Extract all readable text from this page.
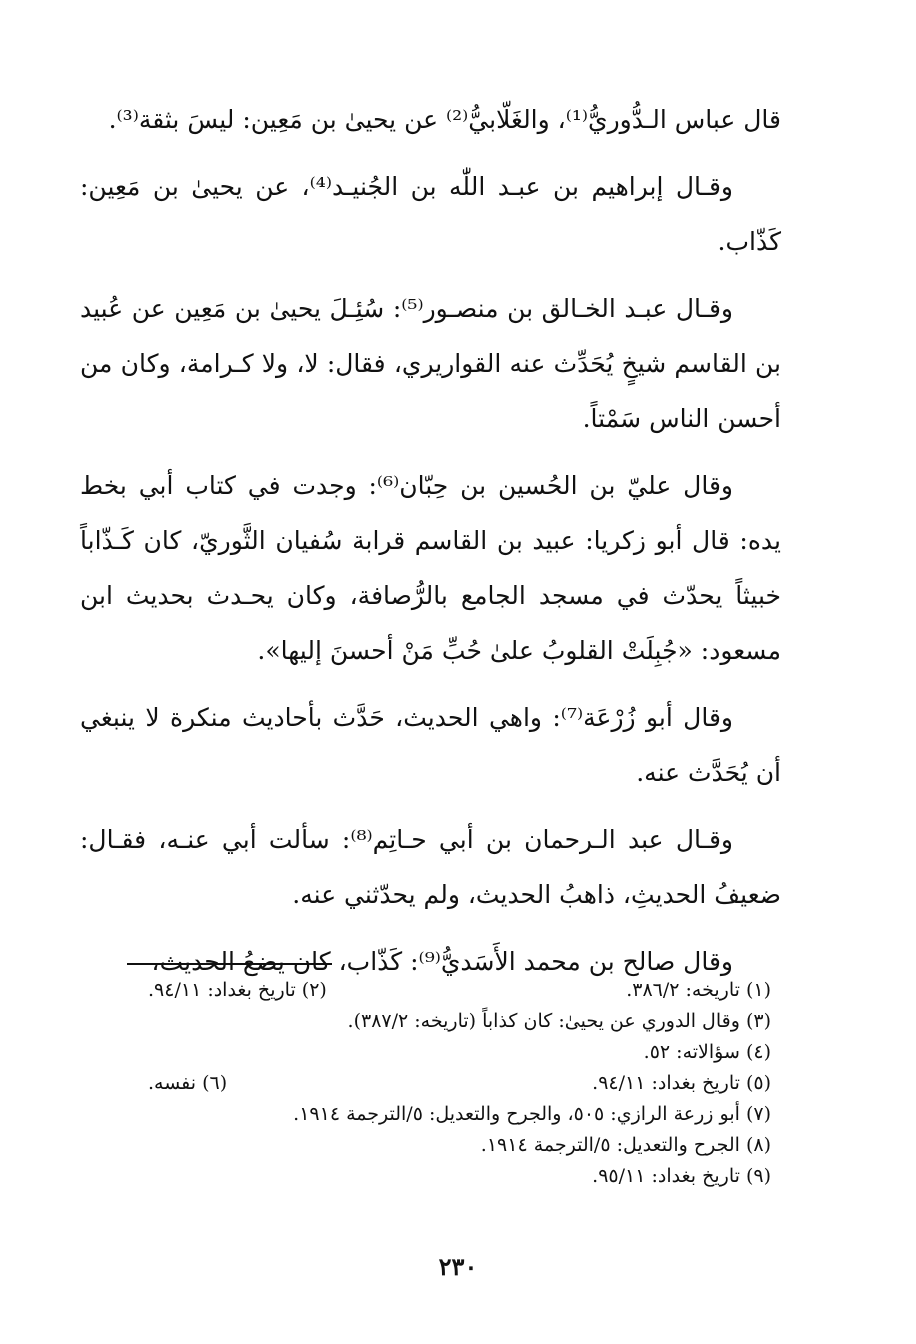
قال عباس الـدُّوريُّ⁽¹⁾، والغَلّابيُّ⁽²⁾ عن يحيىٰ بن مَعِين: ليسَ بثقة⁽³⁾.

وقـال إبراهيم بن عبـد اللّٰه بن الجُنيـد⁽⁴⁾، عن يحيىٰ بن مَعِين: كَذّاب.

وقـال عبـد الخـالق بن منصـور⁽⁵⁾: سُئِـلَ يحيىٰ بن مَعِين عن عُبيد بن القاسم شيخٍ يُحَدِّث عنه القواريري، فقال: لا، ولا كـرامة، وكان من أحسن الناس سَمْتاً.

وقال عليّ بن الحُسين بن حِبّان⁽⁶⁾: وجدت في كتاب أبي بخط يده: قال أبو زكريا: عبيد بن القاسم قرابة سُفيان الثَّوريّ، كان كَـذّاباً خبيثاً يحدّث في مسجد الجامع بالرُّصافة، وكان يحـدث بحديث ابن مسعود: «جُبِلَتْ القلوبُ علىٰ حُبِّ مَنْ أحسنَ إليها».

وقال أبو زُرْعَة⁽⁷⁾: واهي الحديث، حَدَّث بأحاديث منكرة لا ينبغي أن يُحَدَّث عنه.

وقـال عبد الـرحمان بن أبي حـاتِم⁽⁸⁾: سألت أبي عنـه، فقـال: ضعيفُ الحديثِ، ذاهبُ الحديث، ولم يحدّثني عنه.

وقال صالح بن محمد الأَسَديُّ⁽⁹⁾: كَذّاب، كان يضعُ الحديث،

(١) تاريخه: ٣٨٦/٢.
(٢) تاريخ بغداد: ٩٤/١١.
(٣) وقال الدوري عن يحيىٰ: كان كذاباً (تاريخه: ٣٨٧/٢).
(٤) سؤالاته: ٥٢.
(٥) تاريخ بغداد: ٩٤/١١.
(٦) نفسه.
(٧) أبو زرعة الرازي: ٥٠٥، والجرح والتعديل: ٥/الترجمة ١٩١٤.
(٨) الجرح والتعديل: ٥/الترجمة ١٩١٤.
(٩) تاريخ بغداد: ٩٥/١١.
٢٣٠
